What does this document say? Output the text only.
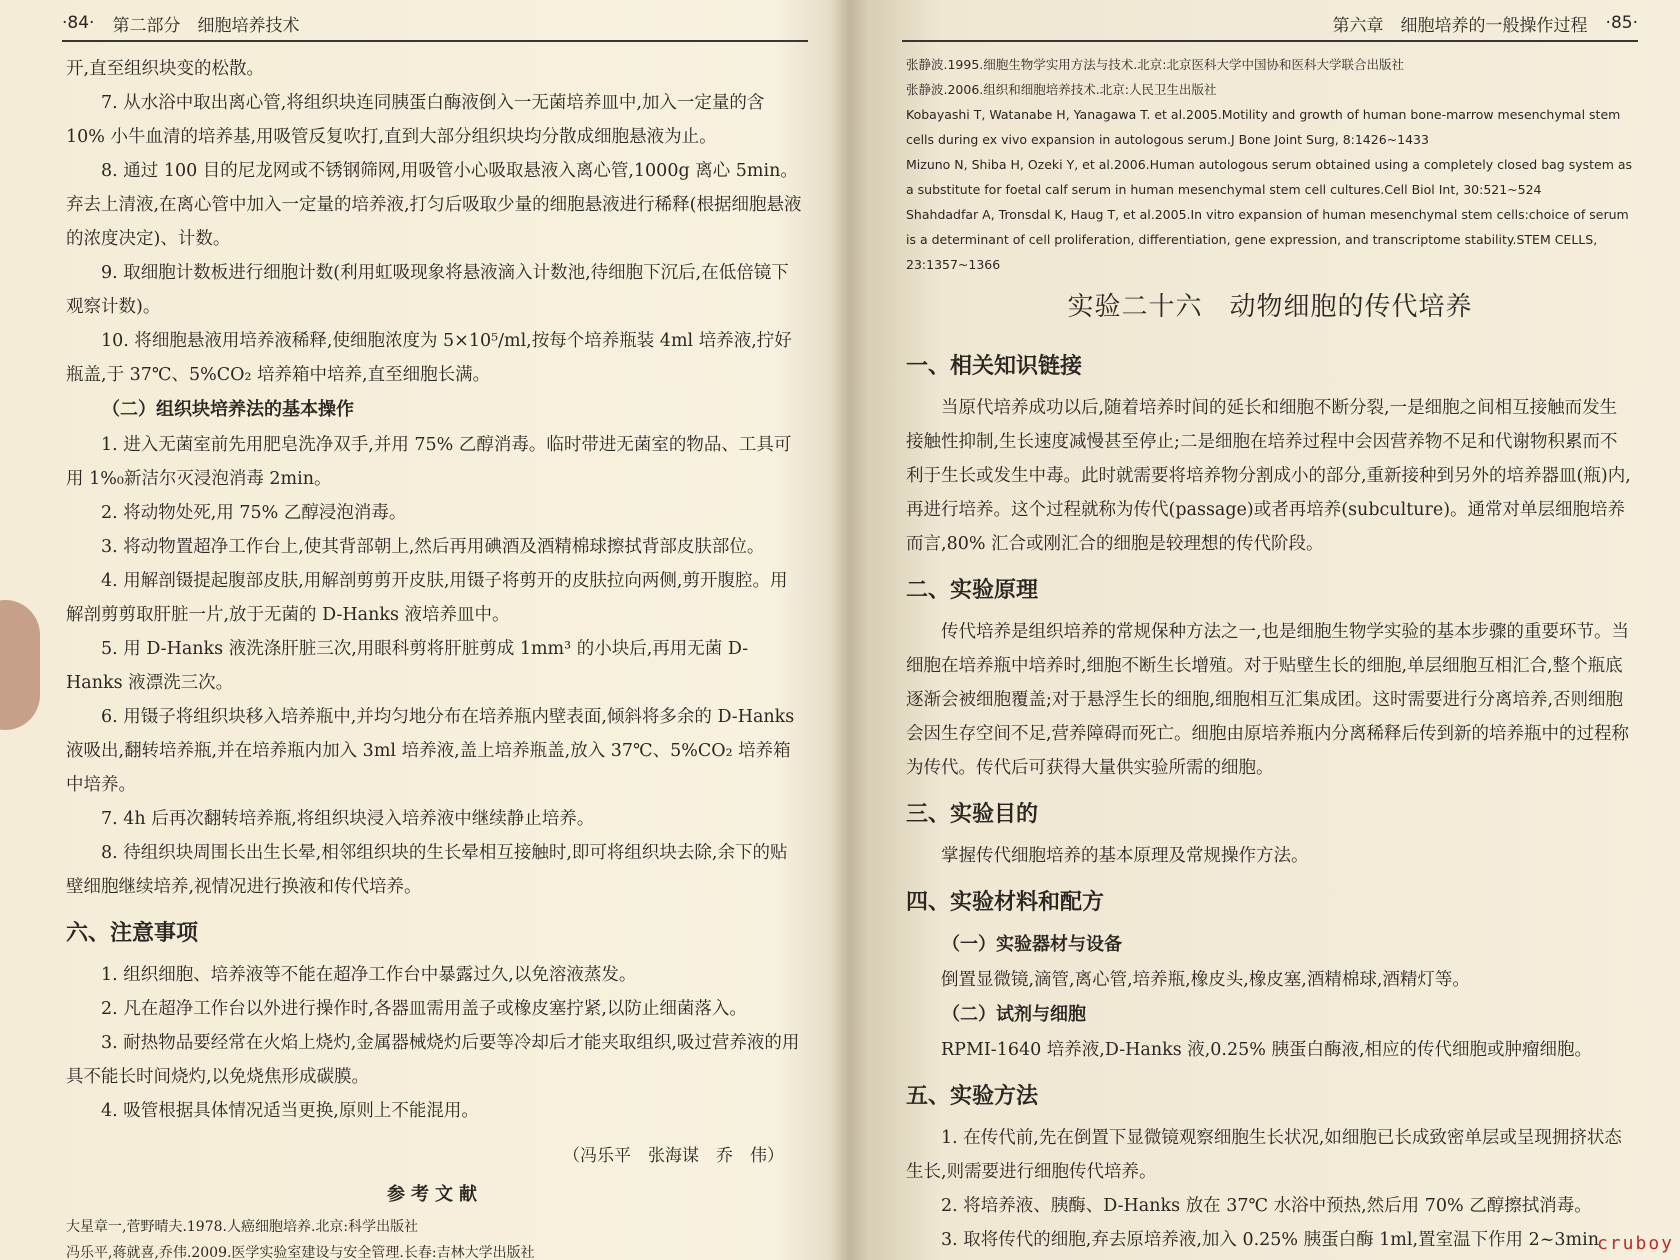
·84· 第二部分　细胞培养技术

开,直至组织块变的松散。

7. 从水浴中取出离心管,将组织块连同胰蛋白酶液倒入一无菌培养皿中,加入一定量的含 10% 小牛血清的培养基,用吸管反复吹打,直到大部分组织块均分散成细胞悬液为止。

8. 通过 100 目的尼龙网或不锈钢筛网,用吸管小心吸取悬液入离心管,1000g 离心 5min。弃去上清液,在离心管中加入一定量的培养液,打匀后吸取少量的细胞悬液进行稀释(根据细胞悬液的浓度决定)、计数。

9. 取细胞计数板进行细胞计数(利用虹吸现象将悬液滴入计数池,待细胞下沉后,在低倍镜下观察计数)。

10. 将细胞悬液用培养液稀释,使细胞浓度为 5×10⁵/ml,按每个培养瓶装 4ml 培养液,拧好瓶盖,于 37℃、5%CO₂ 培养箱中培养,直至细胞长满。

（二）组织块培养法的基本操作

1. 进入无菌室前先用肥皂洗净双手,并用 75% 乙醇消毒。临时带进无菌室的物品、工具可用 1%₀新洁尔灭浸泡消毒 2min。

2. 将动物处死,用 75% 乙醇浸泡消毒。

3. 将动物置超净工作台上,使其背部朝上,然后再用碘酒及酒精棉球擦拭背部皮肤部位。

4. 用解剖镊提起腹部皮肤,用解剖剪剪开皮肤,用镊子将剪开的皮肤拉向两侧,剪开腹腔。用解剖剪剪取肝脏一片,放于无菌的 D-Hanks 液培养皿中。

5. 用 D-Hanks 液洗涤肝脏三次,用眼科剪将肝脏剪成 1mm³ 的小块后,再用无菌 D-Hanks 液漂洗三次。

6. 用镊子将组织块移入培养瓶中,并均匀地分布在培养瓶内壁表面,倾斜将多余的 D-Hanks 液吸出,翻转培养瓶,并在培养瓶内加入 3ml 培养液,盖上培养瓶盖,放入 37℃、5%CO₂ 培养箱中培养。

7. 4h 后再次翻转培养瓶,将组织块浸入培养液中继续静止培养。

8. 待组织块周围长出生长晕,相邻组织块的生长晕相互接触时,即可将组织块去除,余下的贴壁细胞继续培养,视情况进行换液和传代培养。

六、注意事项

1. 组织细胞、培养液等不能在超净工作台中暴露过久,以免溶液蒸发。

2. 凡在超净工作台以外进行操作时,各器皿需用盖子或橡皮塞拧紧,以防止细菌落入。

3. 耐热物品要经常在火焰上烧灼,金属器械烧灼后要等冷却后才能夹取组织,吸过营养液的用具不能长时间烧灼,以免烧焦形成碳膜。

4. 吸管根据具体情况适当更换,原则上不能混用。

（冯乐平　张海谋　乔　伟）
参考文献

大星章一,菅野晴夫.1978.人癌细胞培养.北京:科学出版社

冯乐平,蒋就喜,乔伟.2009.医学实验室建设与安全管理.长春:吉林大学出版社

第六章　细胞培养的一般操作过程 ·85·

张静波.1995.细胞生物学实用方法与技术.北京:北京医科大学中国协和医科大学联合出版社

张静波.2006.组织和细胞培养技术.北京:人民卫生出版社

Kobayashi T, Watanabe H, Yanagawa T. et al.2005.Motility and growth of human bone-marrow mesenchymal stem cells during ex vivo expansion in autologous serum.J Bone Joint Surg, 8:1426~1433

Mizuno N, Shiba H, Ozeki Y, et al.2006.Human autologous serum obtained using a completely closed bag system as a substitute for foetal calf serum in human mesenchymal stem cell cultures.Cell Biol Int, 30:521~524

Shahdadfar A, Tronsdal K, Haug T, et al.2005.In vitro expansion of human mesenchymal stem cells:choice of serum is a determinant of cell proliferation, differentiation, gene expression, and transcriptome stability.STEM CELLS, 23:1357~1366

实验二十六　动物细胞的传代培养
一、相关知识链接

当原代培养成功以后,随着培养时间的延长和细胞不断分裂,一是细胞之间相互接触而发生接触性抑制,生长速度减慢甚至停止;二是细胞在培养过程中会因营养物不足和代谢物积累而不利于生长或发生中毒。此时就需要将培养物分割成小的部分,重新接种到另外的培养器皿(瓶)内,再进行培养。这个过程就称为传代(passage)或者再培养(subculture)。通常对单层细胞培养而言,80% 汇合或刚汇合的细胞是较理想的传代阶段。

二、实验原理

传代培养是组织培养的常规保种方法之一,也是细胞生物学实验的基本步骤的重要环节。当细胞在培养瓶中培养时,细胞不断生长增殖。对于贴壁生长的细胞,单层细胞互相汇合,整个瓶底逐渐会被细胞覆盖;对于悬浮生长的细胞,细胞相互汇集成团。这时需要进行分离培养,否则细胞会因生存空间不足,营养障碍而死亡。细胞由原培养瓶内分离稀释后传到新的培养瓶中的过程称为传代。传代后可获得大量供实验所需的细胞。

三、实验目的

掌握传代细胞培养的基本原理及常规操作方法。

四、实验材料和配方
（一）实验器材与设备

倒置显微镜,滴管,离心管,培养瓶,橡皮头,橡皮塞,酒精棉球,酒精灯等。

（二）试剂与细胞

RPMI-1640 培养液,D-Hanks 液,0.25% 胰蛋白酶液,相应的传代细胞或肿瘤细胞。

五、实验方法

1. 在传代前,先在倒置下显微镜观察细胞生长状况,如细胞已长成致密单层或呈现拥挤状态生长,则需要进行细胞传代培养。

2. 将培养液、胰酶、D-Hanks 放在 37℃ 水浴中预热,然后用 70% 乙醇擦拭消毒。

3. 取将传代的细胞,弃去原培养液,加入 0.25% 胰蛋白酶 1ml,置室温下作用 2~3min

cruboy
